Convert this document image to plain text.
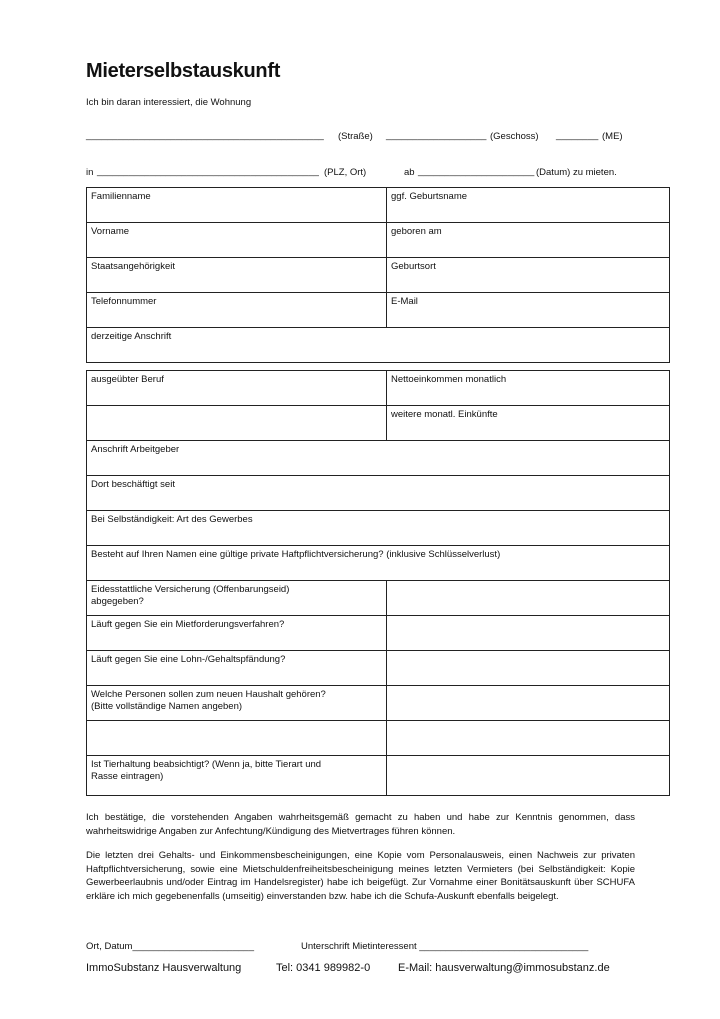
Mieterselbstauskunft
Ich bin daran interessiert, die Wohnung
_____________________________________________ (Straße) ___________________ (Geschoss) ________ (ME)
in __________________________________________ (PLZ, Ort)	ab ______________________ (Datum) zu mieten.
Familienname	ggf. Geburtsname
Vorname	geboren am
Staatsangehörigkeit	Geburtsort
Telefonnummer	E-Mail
derzeitige Anschrift	
ausgeübter Beruf	Nettoeinkommen monatlich
	weitere monatl. Einkünfte
Anschrift Arbeitgeber	
Dort beschäftigt seit	
Bei Selbständigkeit: Art des Gewerbes	
Besteht auf Ihren Namen eine gültige private Haftpflichtversicherung? (inklusive Schlüsselverlust)	

Eidesstattliche Versicherung (Offenbarungseid)
abgegeben?	

Läuft gegen Sie ein Mietforderungsverfahren?	
Läuft gegen Sie eine Lohn-/Gehaltspfändung?	

Welche Personen sollen zum neuen Haushalt gehören?
(Bitte vollständige Namen angeben)	

Ist Tierhaltung beabsichtigt? (Wenn ja, bitte Tierart und
Rasse eintragen)	

Ich bestätige, die vorstehenden Angaben wahrheitsgemäß gemacht zu haben und habe zur Kenntnis genommen, dass wahrheitswidrige Angaben zur Anfechtung/Kündigung des Mietvertrages führen können.
Die letzten drei Gehalts- und Einkommensbescheinigungen, eine Kopie vom Personalausweis, einen Nachweis zur privaten Haftpflichtversicherung, sowie eine Mietschuldenfreiheitsbescheinigung meines letzten Vermieters (bei Selbständigkeit: Kopie Gewerbeerlaubnis und/oder Eintrag im Handelsregister) habe ich beigefügt. Zur Vornahme einer Bonitätsauskunft über SCHUFA erkläre ich mich gegebenenfalls (umseitig) einverstanden bzw. habe ich die Schufa-Auskunft ebenfalls beigelegt.
Ort, Datum_______________________	Unterschrift Mietinteressent ________________________________
ImmoSubstanz Hausverwaltung	Tel: 0341 989982-0	E-Mail: hausverwaltung@immosubstanz.de
